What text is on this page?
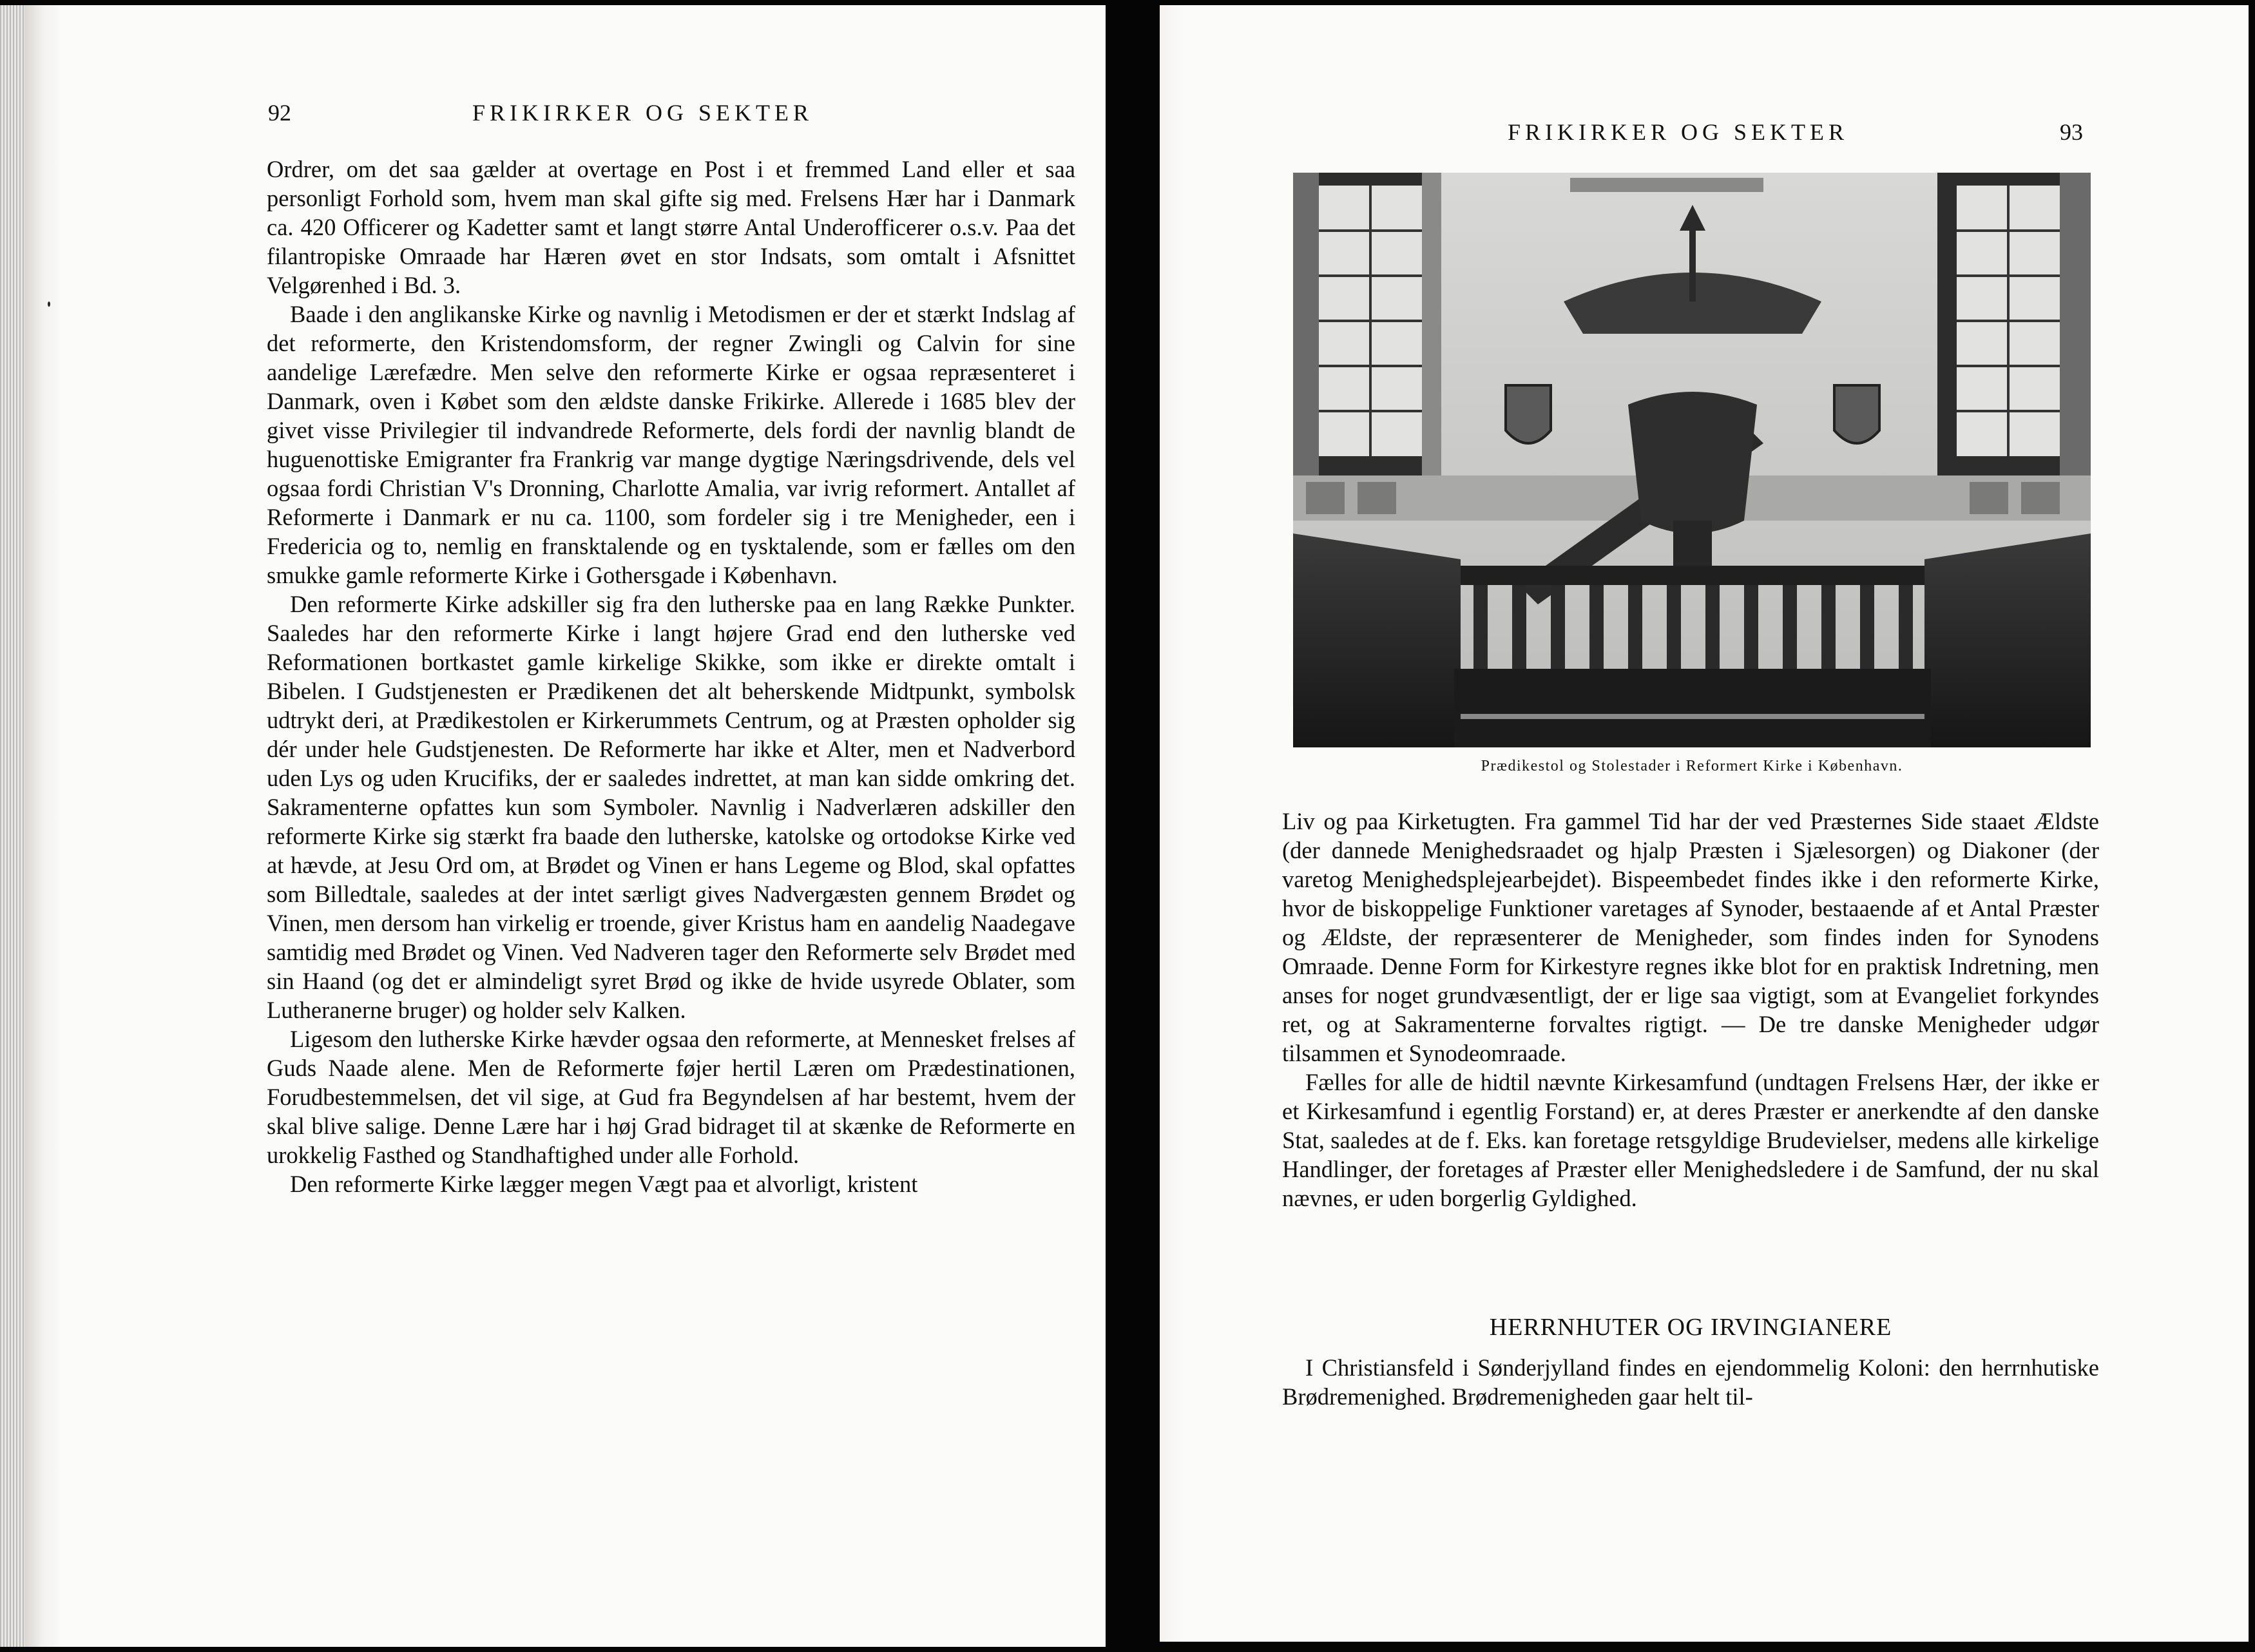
92	FRIKIRKER OG SEKTER

Ordrer, om det saa gælder at overtage en Post i et fremmed Land eller et saa personligt Forhold som, hvem man skal gifte sig med. Frelsens Hær har i Danmark ca. 420 Officerer og Kadetter samt et langt større Antal Underofficerer o.s.v. Paa det filantropiske Omraade har Hæren øvet en stor Indsats, som omtalt i Afsnittet Velgørenhed i Bd. 3.

Baade i den anglikanske Kirke og navnlig i Metodismen er der et stærkt Indslag af det reformerte, den Kristendomsform, der regner Zwingli og Calvin for sine aandelige Lærefædre. Men selve den reformerte Kirke er ogsaa repræsenteret i Danmark, oven i Købet som den ældste danske Frikirke. Allerede i 1685 blev der givet visse Privilegier til indvandrede Reformerte, dels fordi der navnlig blandt de huguenottiske Emigranter fra Frankrig var mange dygtige Næringsdrivende, dels vel ogsaa fordi Christian V's Dronning, Charlotte Amalia, var ivrig reformert. Antallet af Reformerte i Danmark er nu ca. 1100, som fordeler sig i tre Menigheder, een i Fredericia og to, nemlig en fransktalende og en tysktalende, som er fælles om den smukke gamle reformerte Kirke i Gothersgade i København.

Den reformerte Kirke adskiller sig fra den lutherske paa en lang Række Punkter. Saaledes har den reformerte Kirke i langt højere Grad end den lutherske ved Reformationen bortkastet gamle kirkelige Skikke, som ikke er direkte omtalt i Bibelen. I Gudstjenesten er Prædikenen det alt beherskende Midtpunkt, symbolsk udtrykt deri, at Prædikestolen er Kirkerummets Centrum, og at Præsten opholder sig dér under hele Gudstjenesten. De Reformerte har ikke et Alter, men et Nadverbord uden Lys og uden Krucifiks, der er saaledes indrettet, at man kan sidde omkring det. Sakramenterne opfattes kun som Symboler. Navnlig i Nadverlæren adskiller den reformerte Kirke sig stærkt fra baade den lutherske, katolske og ortodokse Kirke ved at hævde, at Jesu Ord om, at Brødet og Vinen er hans Legeme og Blod, skal opfattes som Billedtale, saaledes at der intet særligt gives Nadvergæsten gennem Brødet og Vinen, men dersom han virkelig er troende, giver Kristus ham en aandelig Naadegave samtidig med Brødet og Vinen. Ved Nadveren tager den Reformerte selv Brødet med sin Haand (og det er almindeligt syret Brød og ikke de hvide usyrede Oblater, som Lutheranerne bruger) og holder selv Kalken.

Ligesom den lutherske Kirke hævder ogsaa den reformerte, at Mennesket frelses af Guds Naade alene. Men de Reformerte føjer hertil Læren om Prædestinationen, Forudbestemmelsen, det vil sige, at Gud fra Begyndelsen af har bestemt, hvem der skal blive salige. Denne Lære har i høj Grad bidraget til at skænke de Reformerte en urokkelig Fasthed og Standhaftighed under alle Forhold.

Den reformerte Kirke lægger megen Vægt paa et alvorligt, kristent

FRIKIRKER OG SEKTER	93
Prædikestol og Stolestader i Reformert Kirke i København.

Liv og paa Kirketugten. Fra gammel Tid har der ved Præsternes Side staaet Ældste (der dannede Menighedsraadet og hjalp Præsten i Sjælesorgen) og Diakoner (der varetog Menighedsplejearbejdet). Bispeembedet findes ikke i den reformerte Kirke, hvor de biskoppelige Funktioner varetages af Synoder, bestaaende af et Antal Præster og Ældste, der repræsenterer de Menigheder, som findes inden for Synodens Omraade. Denne Form for Kirkestyre regnes ikke blot for en praktisk Indretning, men anses for noget grundvæsentligt, der er lige saa vigtigt, som at Evangeliet forkyndes ret, og at Sakramenterne forvaltes rigtigt. — De tre danske Menigheder udgør tilsammen et Synodeomraade.

Fælles for alle de hidtil nævnte Kirkesamfund (undtagen Frelsens Hær, der ikke er et Kirkesamfund i egentlig Forstand) er, at deres Præster er anerkendte af den danske Stat, saaledes at de f. Eks. kan foretage retsgyldige Brudevielser, medens alle kirkelige Handlinger, der foretages af Præster eller Menighedsledere i de Samfund, der nu skal nævnes, er uden borgerlig Gyldighed.

HERRNHUTER OG IRVINGIANERE

I Christiansfeld i Sønderjylland findes en ejendommelig Koloni: den herrnhutiske Brødremenighed. Brødremenigheden gaar helt til-
